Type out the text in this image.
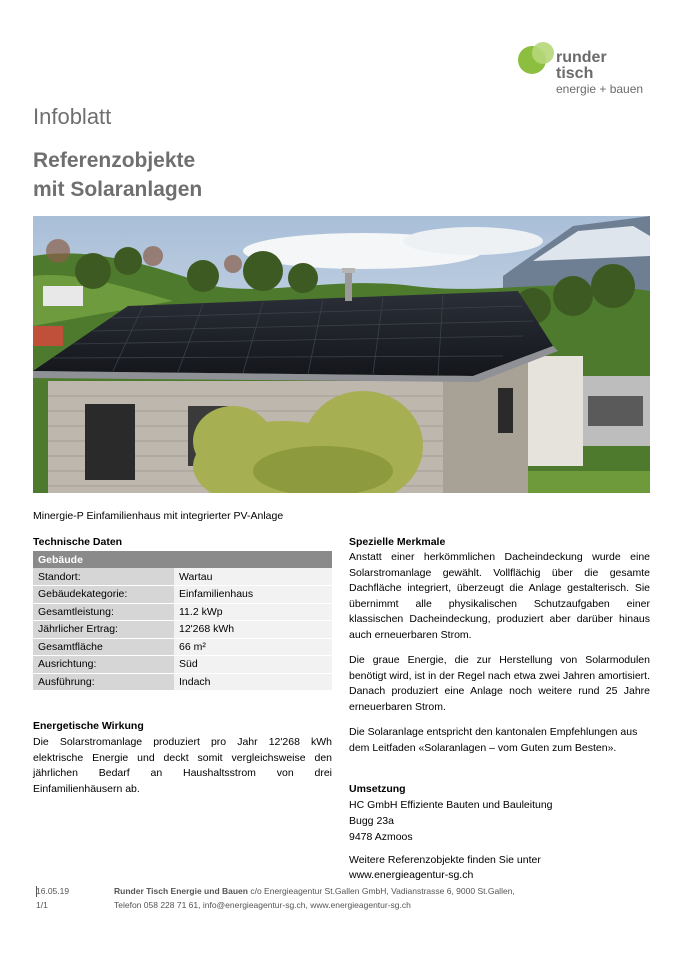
runder
tisch
energie + bauen
Infoblatt
Referenzobjekte
mit Solaranlagen
Minergie-P Einfamilienhaus mit integrierter PV-Anlage
Technische Daten
Gebäude	
Standort:	Wartau
Gebäudekategorie:	Einfamilienhaus
Gesamtleistung:	11.2 kWp
Jährlicher Ertrag:	12'268 kWh
Gesamtfläche	66 m²
Ausrichtung:	Süd
Ausführung:	Indach
Energetische Wirkung
Die Solarstromanlage produziert pro Jahr 12'268 kWh elektrische Energie und deckt somit vergleichsweise den jährlichen Bedarf an Haushaltsstrom von drei Einfamilienhäusern ab.
Spezielle Merkmale
Anstatt einer herkömmlichen Dacheindeckung wurde eine Solarstromanlage gewählt. Vollflächig über die gesamte Dachfläche integriert, überzeugt die Anlage gestalterisch. Sie übernimmt alle physikalischen Schutzaufgaben einer klassischen Dacheindeckung, produziert aber darüber hinaus auch erneuerbaren Strom.
Die graue Energie, die zur Herstellung von Solarmodulen benötigt wird, ist in der Regel nach etwa zwei Jahren amortisiert. Danach produziert eine Anlage noch weitere rund 25 Jahre erneuerbaren Strom.
Die Solaranlage entspricht den kantonalen Empfehlungen aus dem Leitfaden «Solaranlagen – vom Guten zum Besten».
Umsetzung
HC GmbH Effiziente Bauten und Bauleitung
Bugg 23a
9478 Azmoos
Weitere Referenzobjekte finden Sie unter
www.energieagentur-sg.ch
16.05.19
1/1
Runder Tisch Energie und Bauen c/o Energieagentur St.Gallen GmbH, Vadianstrasse 6, 9000 St.Gallen,
Telefon 058 228 71 61, info@energieagentur-sg.ch, www.energieagentur-sg.ch
